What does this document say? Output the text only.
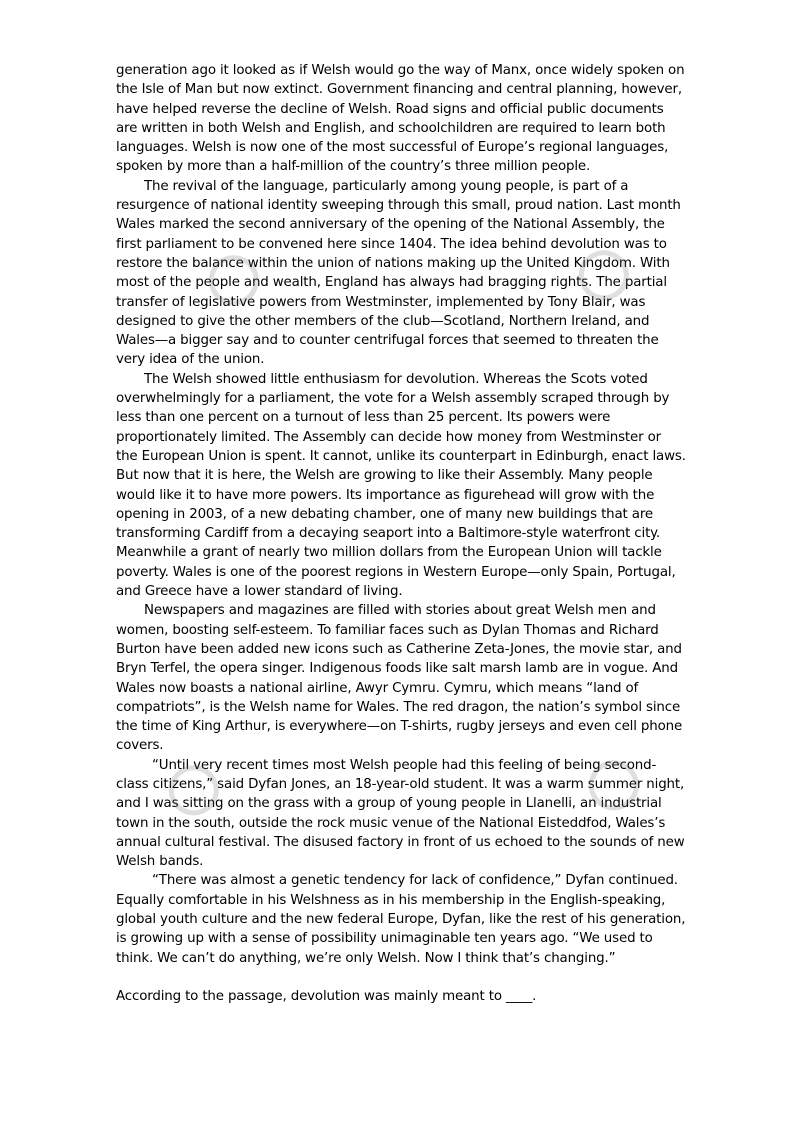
generation ago it looked as if Welsh would go the way of Manx, once widely spoken on the Isle of Man but now extinct. Government financing and central planning, however, have helped reverse the decline of Welsh. Road signs and official public documents are written in both Welsh and English, and schoolchildren are required to learn both languages. Welsh is now one of the most successful of Europe’s regional languages, spoken by more than a half-million of the country’s three million people.

The revival of the language, particularly among young people, is part of a resurgence of national identity sweeping through this small, proud nation. Last month Wales marked the second anniversary of the opening of the National Assembly, the first parliament to be convened here since 1404. The idea behind devolution was to restore the balance within the union of nations making up the United Kingdom. With most of the people and wealth, England has always had bragging rights. The partial transfer of legislative powers from Westminster, implemented by Tony Blair, was designed to give the other members of the club—Scotland, Northern Ireland, and Wales—a bigger say and to counter centrifugal forces that seemed to threaten the very idea of the union.

The Welsh showed little enthusiasm for devolution. Whereas the Scots voted overwhelmingly for a parliament, the vote for a Welsh assembly scraped through by less than one percent on a turnout of less than 25 percent. Its powers were proportionately limited. The Assembly can decide how money from Westminster or the European Union is spent. It cannot, unlike its counterpart in Edinburgh, enact laws. But now that it is here, the Welsh are growing to like their Assembly. Many people would like it to have more powers. Its importance as figurehead will grow with the opening in 2003, of a new debating chamber, one of many new buildings that are transforming Cardiff from a decaying seaport into a Baltimore-style waterfront city. Meanwhile a grant of nearly two million dollars from the European Union will tackle poverty. Wales is one of the poorest regions in Western Europe—only Spain, Portugal, and Greece have a lower standard of living.

Newspapers and magazines are filled with stories about great Welsh men and women, boosting self-esteem. To familiar faces such as Dylan Thomas and Richard Burton have been added new icons such as Catherine Zeta-Jones, the movie star, and Bryn Terfel, the opera singer. Indigenous foods like salt marsh lamb are in vogue. And Wales now boasts a national airline, Awyr Cymru. Cymru, which means “land of compatriots”, is the Welsh name for Wales. The red dragon, the nation’s symbol since the time of King Arthur, is everywhere—on T-shirts, rugby jerseys and even cell phone covers.

“Until very recent times most Welsh people had this feeling of being second-class citizens,” said Dyfan Jones, an 18-year-old student. It was a warm summer night, and I was sitting on the grass with a group of young people in Llanelli, an industrial town in the south, outside the rock music venue of the National Eisteddfod, Wales’s annual cultural festival. The disused factory in front of us echoed to the sounds of new Welsh bands.

“There was almost a genetic tendency for lack of confidence,” Dyfan continued. Equally comfortable in his Welshness as in his membership in the English-speaking, global youth culture and the new federal Europe, Dyfan, like the rest of his generation, is growing up with a sense of possibility unimaginable ten years ago. “We used to think. We can’t do anything, we’re only Welsh. Now I think that’s changing.”

According to the passage, devolution was mainly meant to ____.
